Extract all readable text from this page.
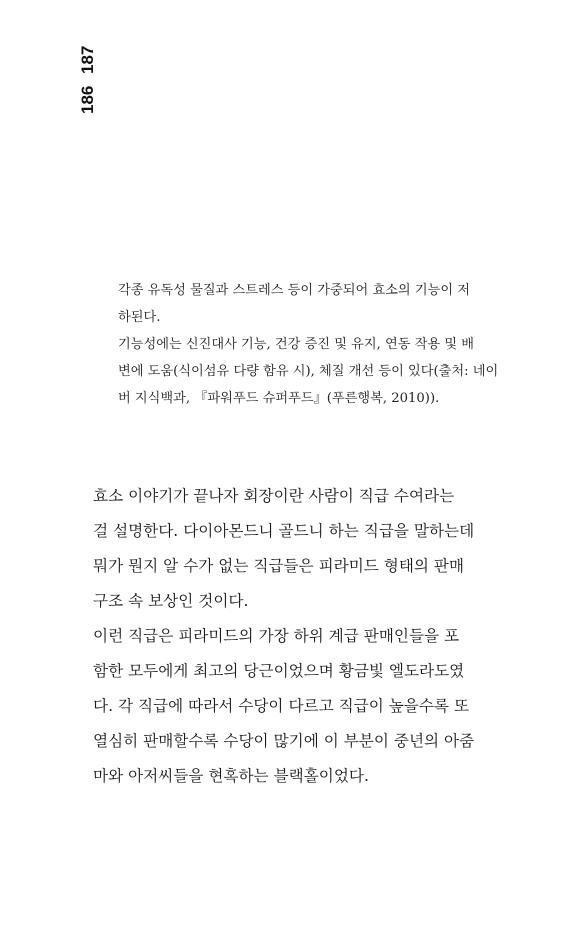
186
187
각종 유독성 물질과 스트레스 등이 가중되어 효소의 기능이 저
하된다.
기능성에는 신진대사 기능, 건강 증진 및 유지, 연동 작용 및 배
변에 도움(식이섬유 다량 함유 시), 체질 개선 등이 있다(출처: 네이
버 지식백과, 『파워푸드 슈퍼푸드』(푸른행복, 2010)).
효소 이야기가 끝나자 회장이란 사람이 직급 수여라는
걸 설명한다. 다이아몬드니 골드니 하는 직급을 말하는데
뭐가 뭔지 알 수가 없는 직급들은 피라미드 형태의 판매
구조 속 보상인 것이다.
이런 직급은 피라미드의 가장 하위 계급 판매인들을 포
함한 모두에게 최고의 당근이었으며 황금빛 엘도라도였
다. 각 직급에 따라서 수당이 다르고 직급이 높을수록 또
열심히 판매할수록 수당이 많기에 이 부분이 중년의 아줌
마와 아저씨들을 현혹하는 블랙홀이었다.
